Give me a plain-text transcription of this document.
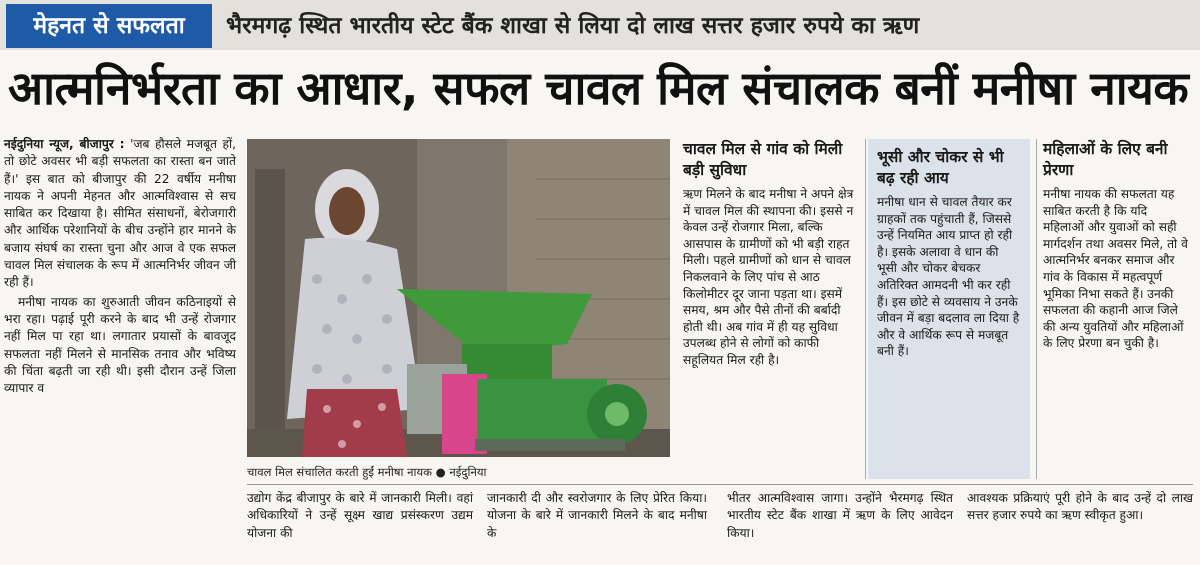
मेहनत से सफलता	भैरमगढ़ स्थित भारतीय स्टेट बैंक शाखा से लिया दो लाख सत्तर हजार रुपये का ऋण
आत्मनिर्भरता का आधार, सफल चावल मिल संचालक बनीं मनीषा नायक

नईदुनिया न्यूज, बीजापुर : 'जब हौसले मजबूत हों, तो छोटे अवसर भी बड़ी सफलता का रास्ता बन जाते हैं।' इस बात को बीजापुर की 22 वर्षीय मनीषा नायक ने अपनी मेहनत और आत्मविश्वास से सच साबित कर दिखाया है। सीमित संसाधनों, बेरोजगारी और आर्थिक परेशानियों के बीच उन्होंने हार मानने के बजाय संघर्ष का रास्ता चुना और आज वे एक सफल चावल मिल संचालक के रूप में आत्मनिर्भर जीवन जी रही हैं।

मनीषा नायक का शुरुआती जीवन कठिनाइयों से भरा रहा। पढ़ाई पूरी करने के बाद भी उन्हें रोजगार नहीं मिल पा रहा था। लगातार प्रयासों के बावजूद सफलता नहीं मिलने से मानसिक तनाव और भविष्य की चिंता बढ़ती जा रही थी। इसी दौरान उन्हें जिला व्यापार व

चावल मिल संचालित करती हुईं मनीषा नायक ● नईदुनिया
चावल मिल से गांव को मिली बड़ी सुविधा
ऋण मिलने के बाद मनीषा ने अपने क्षेत्र में चावल मिल की स्थापना की। इससे न केवल उन्हें रोजगार मिला, बल्कि आसपास के ग्रामीणों को भी बड़ी राहत मिली। पहले ग्रामीणों को धान से चावल निकलवाने के लिए पांच से आठ किलोमीटर दूर जाना पड़ता था। इसमें समय, श्रम और पैसे तीनों की बर्बादी होती थी। अब गांव में ही यह सुविधा उपलब्ध होने से लोगों को काफी सहूलियत मिल रही है।
भूसी और चोकर से भी बढ़ रही आय
मनीषा धान से चावल तैयार कर ग्राहकों तक पहुंचाती हैं, जिससे उन्हें नियमित आय प्राप्त हो रही है। इसके अलावा वे धान की भूसी और चोकर बेचकर अतिरिक्त आमदनी भी कर रही हैं। इस छोटे से व्यवसाय ने उनके जीवन में बड़ा बदलाव ला दिया है और वे आर्थिक रूप से मजबूत बनी हैं।
महिलाओं के लिए बनी प्रेरणा
मनीषा नायक की सफलता यह साबित करती है कि यदि महिलाओं और युवाओं को सही मार्गदर्शन तथा अवसर मिले, तो वे आत्मनिर्भर बनकर समाज और गांव के विकास में महत्वपूर्ण भूमिका निभा सकते हैं। उनकी सफलता की कहानी आज जिले की अन्य युवतियों और महिलाओं के लिए प्रेरणा बन चुकी है।
उद्योग केंद्र बीजापुर के बारे में जानकारी मिली। वहां अधिकारियों ने उन्हें सूक्ष्म खाद्य प्रसंस्करण उद्यम योजना की
जानकारी दी और स्वरोजगार के लिए प्रेरित किया। योजना के बारे में जानकारी मिलने के बाद मनीषा के
भीतर आत्मविश्वास जागा। उन्होंने भैरमगढ़ स्थित भारतीय स्टेट बैंक शाखा में ऋण के लिए आवेदन किया।
आवश्यक प्रक्रियाएं पूरी होने के बाद उन्हें दो लाख सत्तर हजार रुपये का ऋण स्वीकृत हुआ।
